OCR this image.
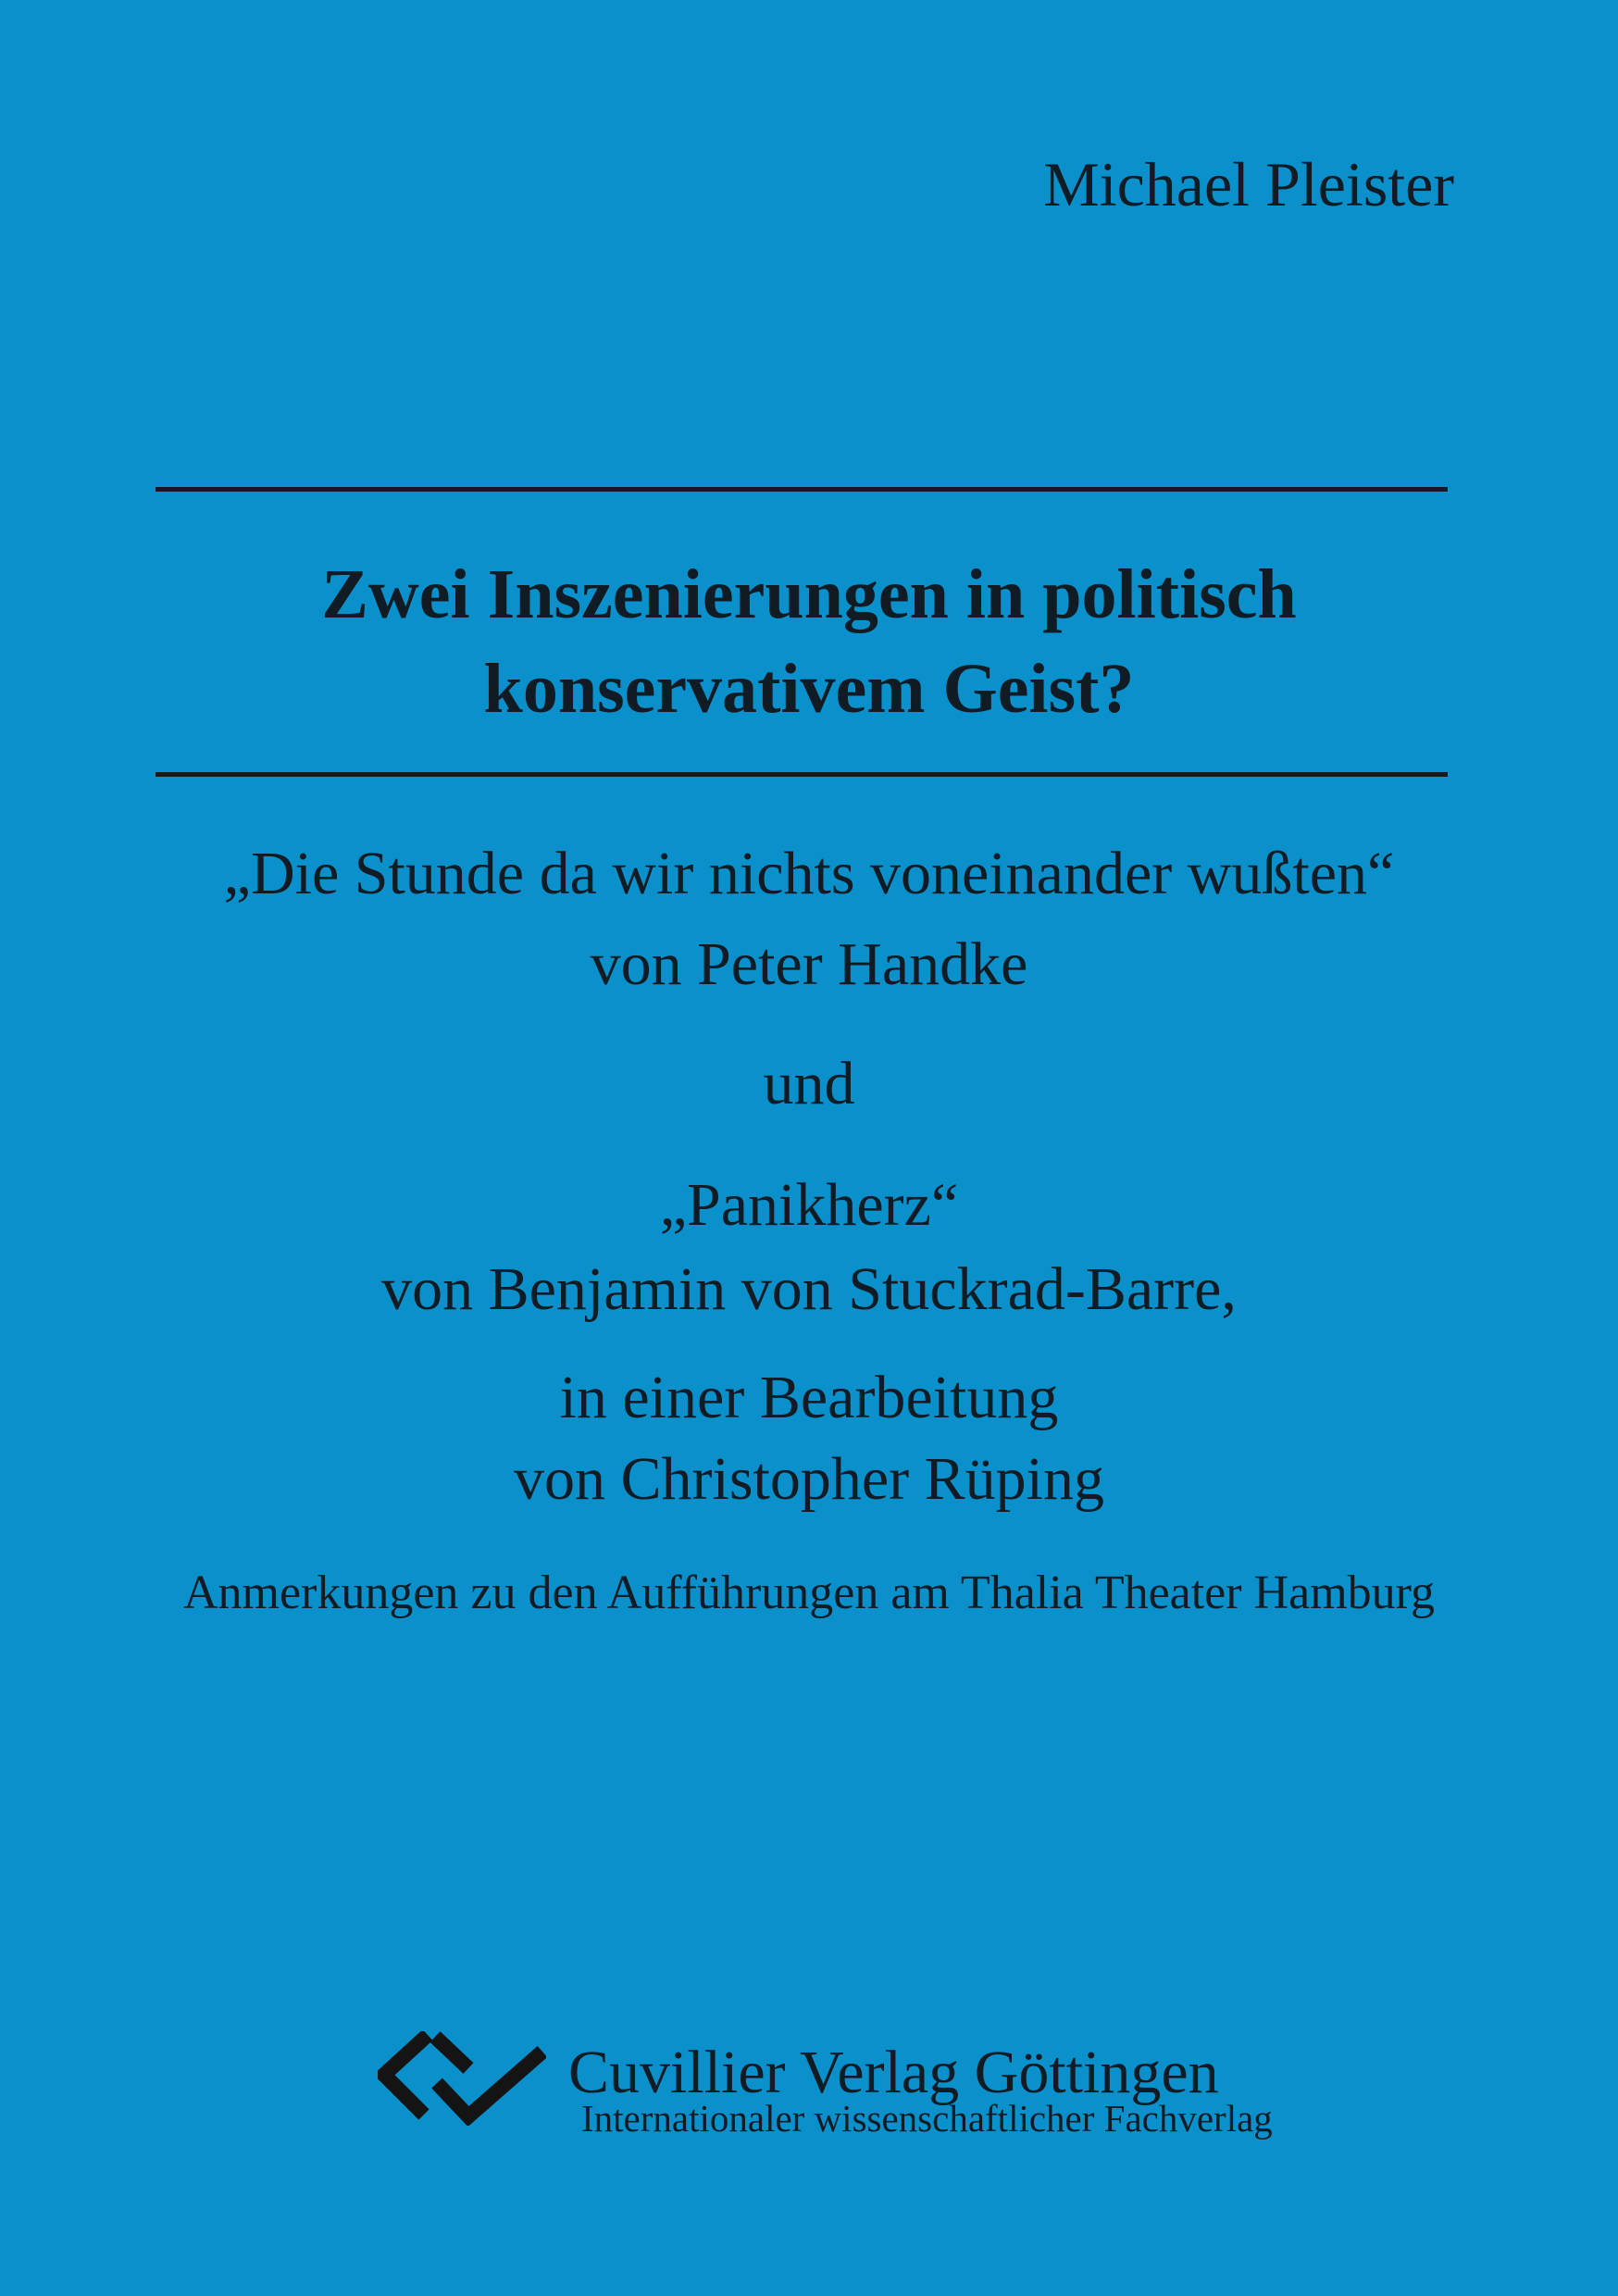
Michael Pleister
Zwei Inszenierungen in politisch
konservativem Geist?
„Die Stunde da wir nichts voneinander wußten“
von Peter Handke
und
„Panikherz“
von Benjamin von Stuckrad-Barre,
in einer Bearbeitung
von Christopher Rüping
Anmerkungen zu den Aufführungen am Thalia Theater Hamburg
Cuvillier Verlag Göttingen
Internationaler wissenschaftlicher Fachverlag
